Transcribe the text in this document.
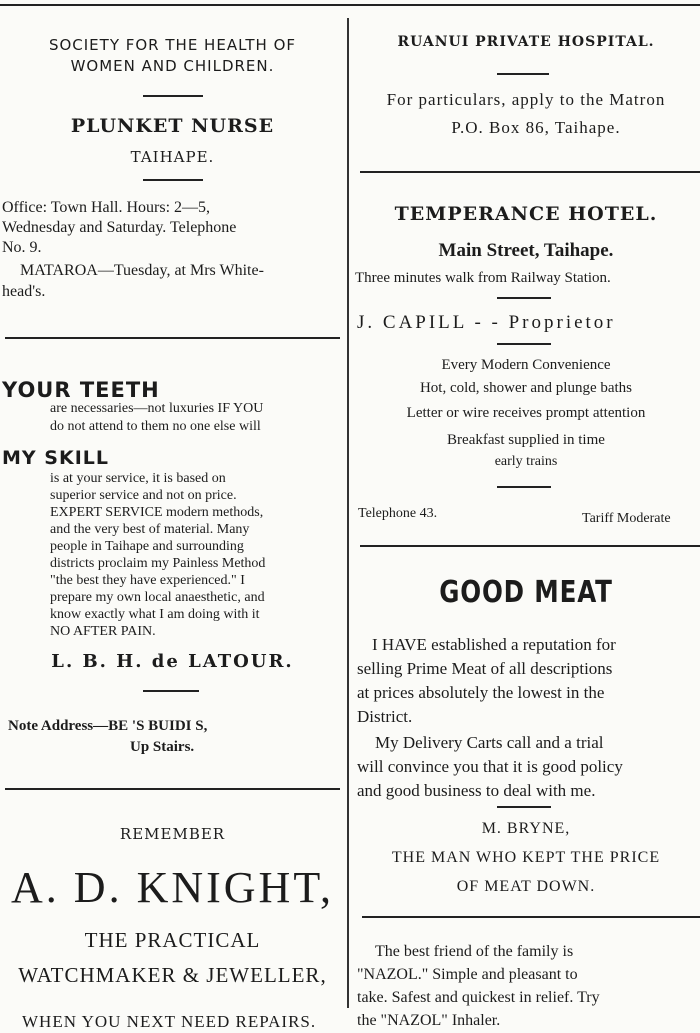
SOCIETY FOR THE HEALTH OF
WOMEN AND CHILDREN.
PLUNKET NURSE
TAIHAPE.
Office: Town Hall. Hours: 2—5,
Wednesday and Saturday. Telephone
No. 9.
MATAROA—Tuesday, at Mrs White-
head's.
YOUR TEETH
are necessaries—not luxuries IF YOU
do not attend to them no one else will
MY SKILL
is at your service, it is based on
superior service and not on price.
EXPERT SERVICE modern methods,
and the very best of material. Many
people in Taihape and surrounding
districts proclaim my Painless Method
"the best they have experienced." I
prepare my own local anaesthetic, and
know exactly what I am doing with it
NO AFTER PAIN.
L. B. H. de LATOUR.
Note Address—BE 'S BUIDI S,
Up Stairs.
REMEMBER
A. D. KNIGHT,
THE PRACTICAL
WATCHMAKER & JEWELLER,
WHEN YOU NEXT NEED REPAIRS.
RUANUI PRIVATE HOSPITAL.
For particulars, apply to the Matron
P.O. Box 86, Taihape.
TEMPERANCE HOTEL.
Main Street, Taihape.
Three minutes walk from Railway Station.
J. CAPILL - - Proprietor
Every Modern Convenience
Hot, cold, shower and plunge baths
Letter or wire receives prompt attention
Breakfast supplied in time
early trains
Telephone 43.	Tariff Moderate
GOOD MEAT
I HAVE established a reputation for
selling Prime Meat of all descriptions
at prices absolutely the lowest in the
District.
My Delivery Carts call and a trial
will convince you that it is good policy
and good business to deal with me.
M. BRYNE,
THE MAN WHO KEPT THE PRICE
OF MEAT DOWN.
The best friend of the family is
"NAZOL." Simple and pleasant to
take. Safest and quickest in relief. Try
the "NAZOL" Inhaler.
